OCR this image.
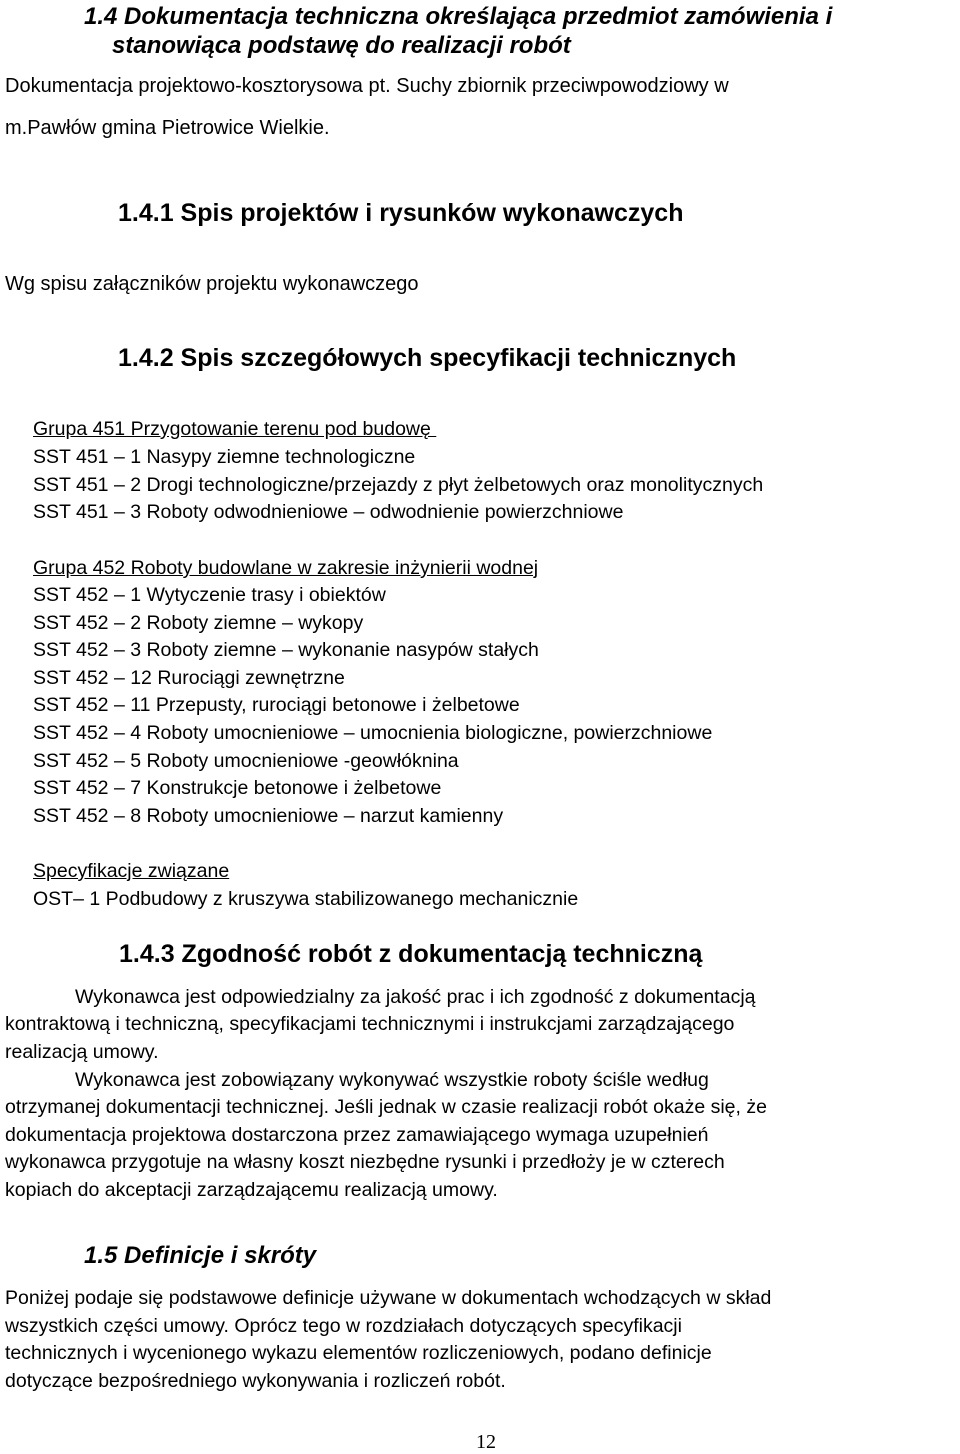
1.4 Dokumentacja techniczna określająca przedmiot zamówienia i
stanowiąca podstawę do realizacji robót
Dokumentacja projektowo-kosztorysowa pt. Suchy zbiornik przeciwpowodziowy w
m.Pawłów gmina Pietrowice Wielkie.
1.4.1 Spis projektów i rysunków wykonawczych
Wg spisu załączników projektu wykonawczego
1.4.2 Spis szczegółowych specyfikacji technicznych
Grupa 451 Przygotowanie terenu pod budowę
SST 451 – 1 Nasypy ziemne technologiczne
SST 451 – 2 Drogi technologiczne/przejazdy z płyt żelbetowych oraz monolitycznych
SST 451 – 3 Roboty odwodnieniowe – odwodnienie powierzchniowe
Grupa 452 Roboty budowlane w zakresie inżynierii wodnej
SST 452 – 1 Wytyczenie trasy i obiektów
SST 452 – 2 Roboty ziemne – wykopy
SST 452 – 3 Roboty ziemne – wykonanie nasypów stałych
SST 452 – 12 Rurociągi zewnętrzne
SST 452 – 11 Przepusty, rurociągi betonowe i żelbetowe
SST 452 – 4 Roboty umocnieniowe – umocnienia biologiczne, powierzchniowe
SST 452 – 5 Roboty umocnieniowe -geowłóknina
SST 452 – 7 Konstrukcje betonowe i żelbetowe
SST 452 – 8 Roboty umocnieniowe – narzut kamienny
Specyfikacje związane
OST– 1 Podbudowy z kruszywa stabilizowanego mechanicznie
1.4.3 Zgodność robót z dokumentacją techniczną
Wykonawca jest odpowiedzialny za jakość prac i ich zgodność z dokumentacją
kontraktową i techniczną, specyfikacjami technicznymi i instrukcjami zarządzającego
realizacją umowy.
Wykonawca jest zobowiązany wykonywać wszystkie roboty ściśle według
otrzymanej dokumentacji technicznej. Jeśli jednak w czasie realizacji robót okaże się, że
dokumentacja projektowa dostarczona przez zamawiającego wymaga uzupełnień
wykonawca przygotuje na własny koszt niezbędne rysunki i przedłoży je w czterech
kopiach do akceptacji zarządzającemu realizacją umowy.
1.5 Definicje i skróty
Poniżej podaje się podstawowe definicje używane w dokumentach wchodzących w skład
wszystkich części umowy. Oprócz tego w rozdziałach dotyczących specyfikacji
technicznych i wycenionego wykazu elementów rozliczeniowych, podano definicje
dotyczące bezpośredniego wykonywania i rozliczeń robót.
12
